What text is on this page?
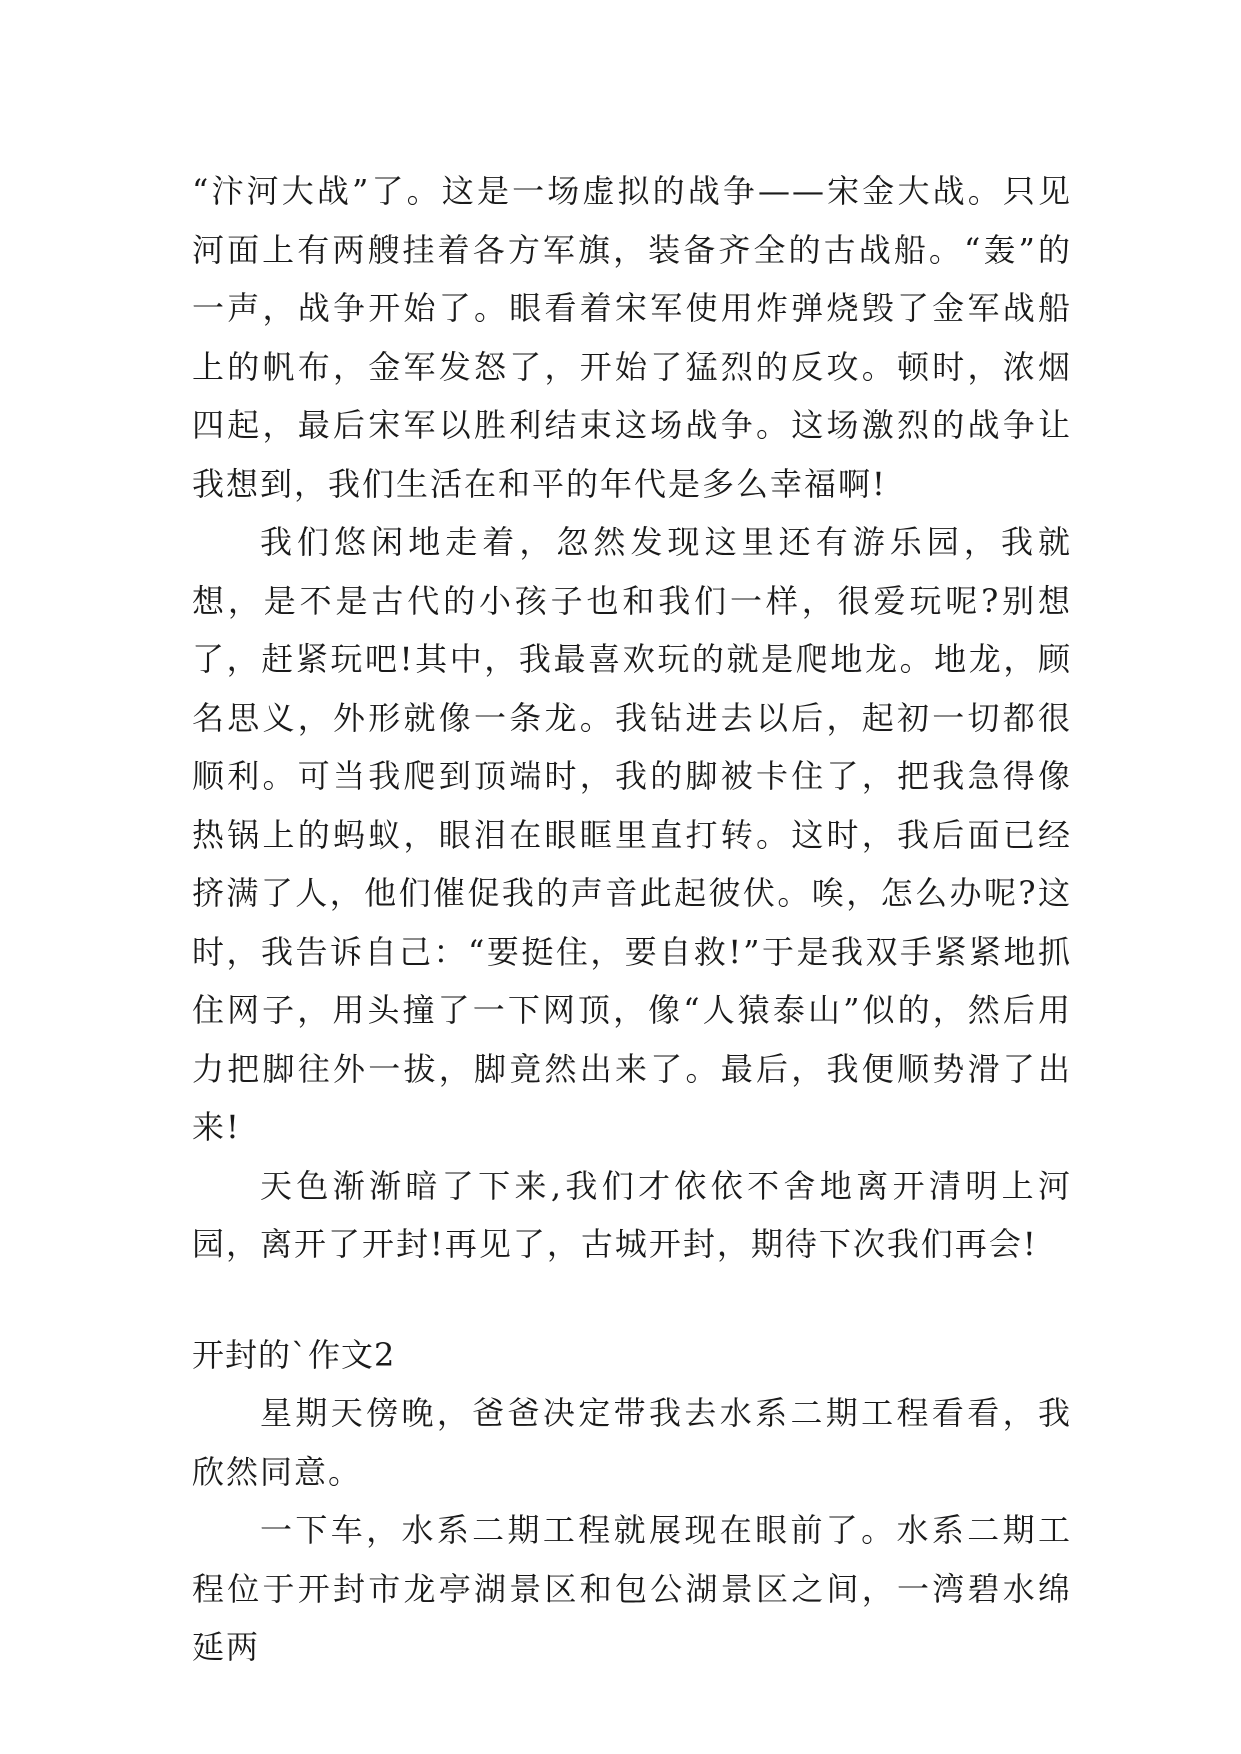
“汴河大战”了。这是一场虚拟的战争——宋金大战。只见河面上有两艘挂着各方军旗，装备齐全的古战船。“轰”的一声，战争开始了。眼看着宋军使用炸弹烧毁了金军战船上的帆布，金军发怒了，开始了猛烈的反攻。顿时，浓烟四起，最后宋军以胜利结束这场战争。这场激烈的战争让我想到，我们生活在和平的年代是多么幸福啊!

我们悠闲地走着，忽然发现这里还有游乐园，我就想，是不是古代的小孩子也和我们一样，很爱玩呢?别想了，赶紧玩吧!其中，我最喜欢玩的就是爬地龙。地龙，顾名思义，外形就像一条龙。我钻进去以后，起初一切都很顺利。可当我爬到顶端时，我的脚被卡住了，把我急得像热锅上的蚂蚁，眼泪在眼眶里直打转。这时，我后面已经挤满了人，他们催促我的声音此起彼伏。唉，怎么办呢?这时，我告诉自己：“要挺住，要自救!”于是我双手紧紧地抓住网子，用头撞了一下网顶，像“人猿泰山”似的，然后用力把脚往外一拔，脚竟然出来了。最后，我便顺势滑了出来!

天色渐渐暗了下来,我们才依依不舍地离开清明上河园，离开了开封!再见了，古城开封，期待下次我们再会!

开封的`作文2

星期天傍晚，爸爸决定带我去水系二期工程看看，我欣然同意。

一下车，水系二期工程就展现在眼前了。水系二期工程位于开封市龙亭湖景区和包公湖景区之间，一湾碧水绵延两
